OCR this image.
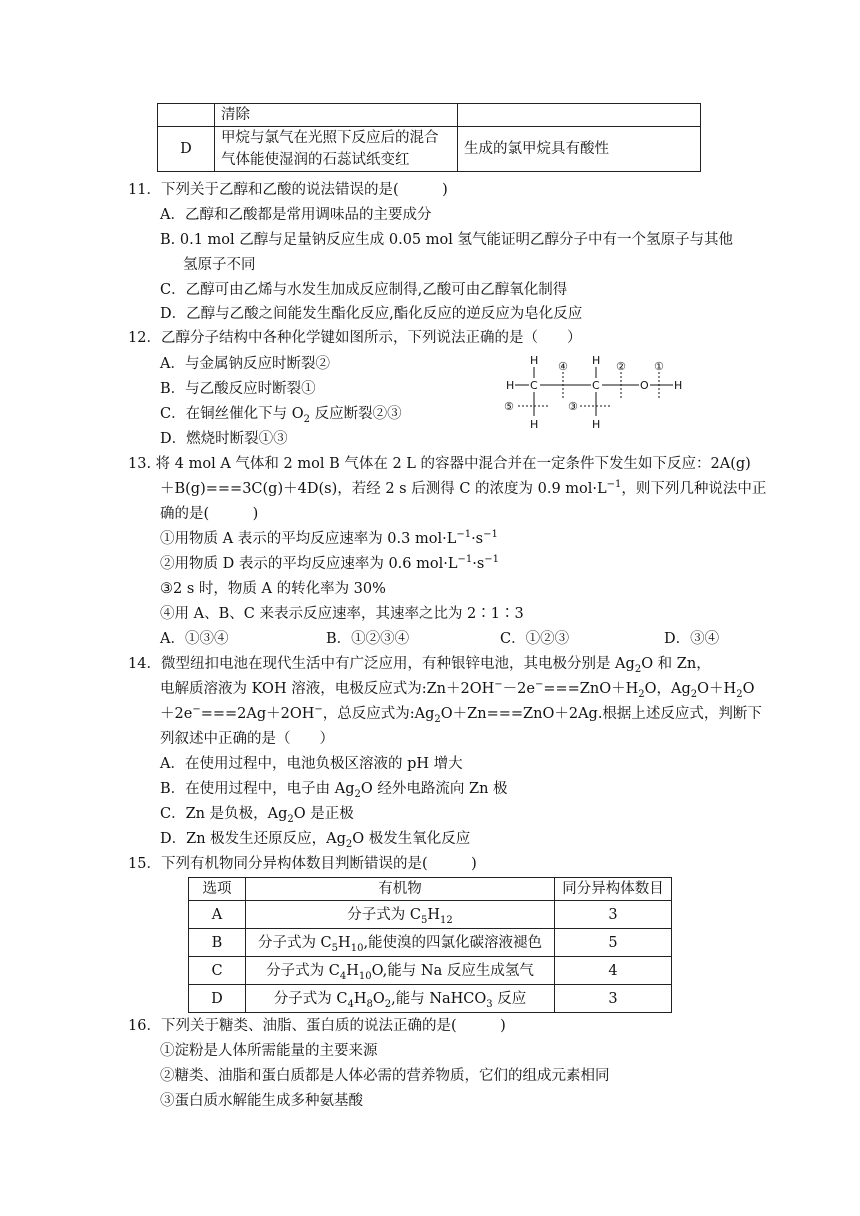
	清除	
D	甲烷与氯气在光照下反应后的混合
气体能使湿润的石蕊试纸变红	生成的氯甲烷具有酸性
11．下列关于乙醇和乙酸的说法错误的是(　　　)
A．乙醇和乙酸都是常用调味品的主要成分
B. 0.1 mol 乙醇与足量钠反应生成 0.05 mol 氢气能证明乙醇分子中有一个氢原子与其他
氢原子不同
C．乙醇可由乙烯与水发生加成反应制得,乙酸可由乙醇氧化制得
D．乙醇与乙酸之间能发生酯化反应,酯化反应的逆反应为皂化反应
12．乙醇分子结构中各种化学键如图所示，下列说法正确的是（　　）
A．与金属钠反应时断裂②
B．与乙酸反应时断裂①
C．在铜丝催化下与 $O_2$ 反应断裂②③
D．燃烧时断裂①③
H	H
H C	C	O H
H	H
④	②	①
⑤	③
13. 将 4 mol A 气体和 2 mol B 气体在 2 L 的容器中混合并在一定条件下发生如下反应：2A(g)
＋B(g)===3C(g)＋4D(s)，若经 2 s 后测得 C 的浓度为 0.9 $mol\cdot L^{-1}$，则下列几种说法中正
确的是(　　　)
①用物质 A 表示的平均反应速率为 0.3 $mol\cdot L^{-1}\cdot s^{-1}$
②用物质 D 表示的平均反应速率为 0.6 $mol\cdot L^{-1}\cdot s^{-1}$
③2 s 时，物质 A 的转化率为 30%
④用 A、B、C 来表示反应速率，其速率之比为 2∶1∶3
A．①③④	B．①②③④	C．①②③	D．③④
14．微型纽扣电池在现代生活中有广泛应用，有种银锌电池，其电极分别是 $Ag_2O$ 和 Zn，
电解质溶液为 KOH 溶液，电极反应式为$:Zn+2OH^--2e^-===ZnO+H_2O$，$Ag_2O+H_2O$
＋2e−===2Ag＋2OH−，总反应式为$:Ag_2O+Zn===ZnO+2Ag$.根据上述反应式，判断下
列叙述中正确的是（　　）
A．在使用过程中，电池负极区溶液的 pH 增大
B．在使用过程中，电子由 $Ag_2O$ 经外电路流向 Zn 极
C．Zn 是负极，$Ag_2O$ 是正极
D．Zn 极发生还原反应，$Ag_2O$ 极发生氧化反应
15．下列有机物同分异构体数目判断错误的是(　　　)
选项	有机物	同分异构体数目
A	分子式为 $C_5H_{12}$	3
B	分子式为 $C_5H_{10}$,能使溴的四氯化碳溶液褪色	5
C	分子式为 $C_4H_{10}O$,能与 Na 反应生成氢气	4
D	分子式为 $C_4H_8O_2$,能与 NaHCO$_3$ 反应	3
16．下列关于糖类、油脂、蛋白质的说法正确的是(　　　)
①淀粉是人体所需能量的主要来源
②糖类、油脂和蛋白质都是人体必需的营养物质，它们的组成元素相同
③蛋白质水解能生成多种氨基酸
